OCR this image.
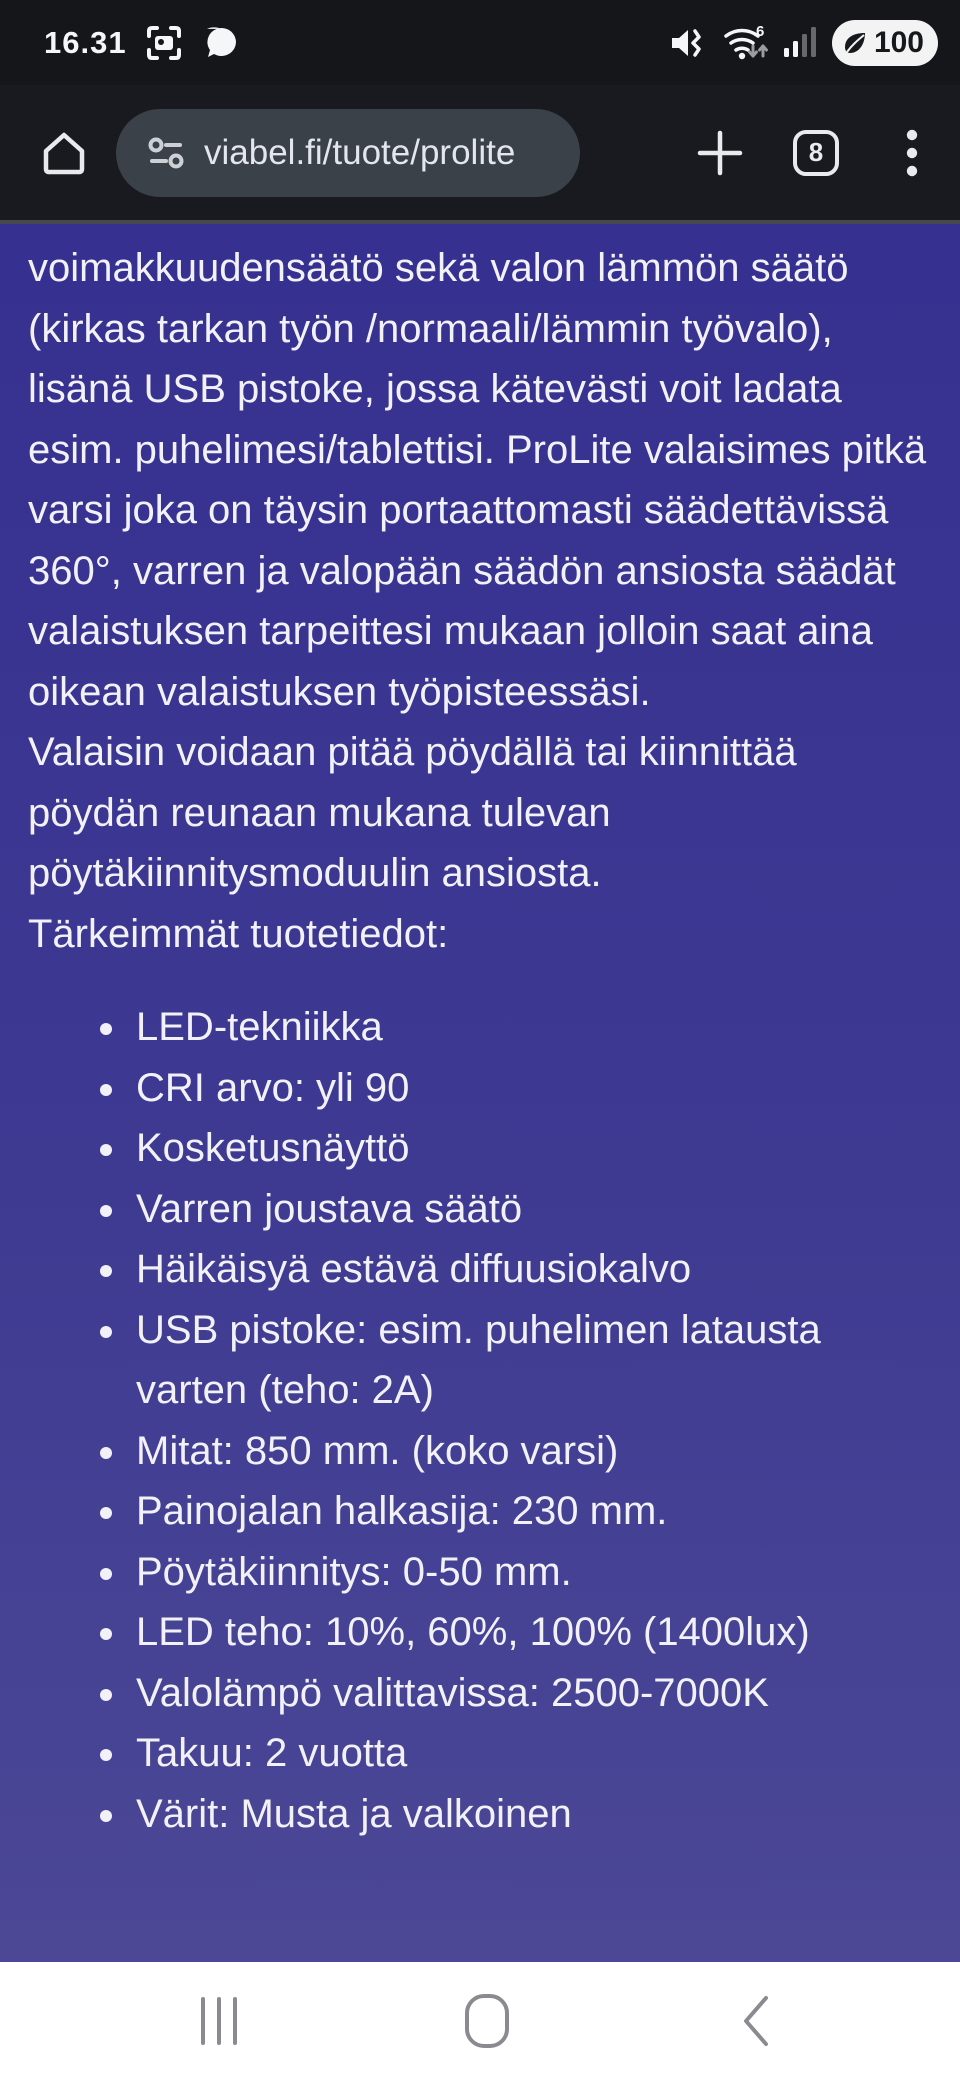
16.31	6	100
viabel.fi/tuote/prolite	8

voimakkuudensäätö sekä valon lämmön säätö (kirkas tarkan työn /normaali/lämmin työvalo), lisänä USB pistoke, jossa kätevästi voit ladata esim. puhelimesi/tablettisi. ProLite valaisimes pitkä varsi joka on täysin portaattomasti säädettävissä 360°, varren ja valopään säädön ansiosta säädät valaistuksen tarpeittesi mukaan jolloin saat aina oikean valaistuksen työpisteessäsi.

Valaisin voidaan pitää pöydällä tai kiinnittää pöydän reunaan mukana tulevan pöytäkiinnitysmoduulin ansiosta.

Tärkeimmät tuotetiedot:

• LED-tekniikka
• CRI arvo: yli 90
• Kosketusnäyttö
• Varren joustava säätö
• Häikäisyä estävä diffuusiokalvo
• USB pistoke: esim. puhelimen latausta varten (teho: 2A)
• Mitat: 850 mm. (koko varsi)
• Painojalan halkasija: 230 mm.
• Pöytäkiinnitys: 0-50 mm.
• LED teho: 10%, 60%, 100% (1400lux)
• Valolämpö valittavissa: 2500-7000K
• Takuu: 2 vuotta
• Värit: Musta ja valkoinen
